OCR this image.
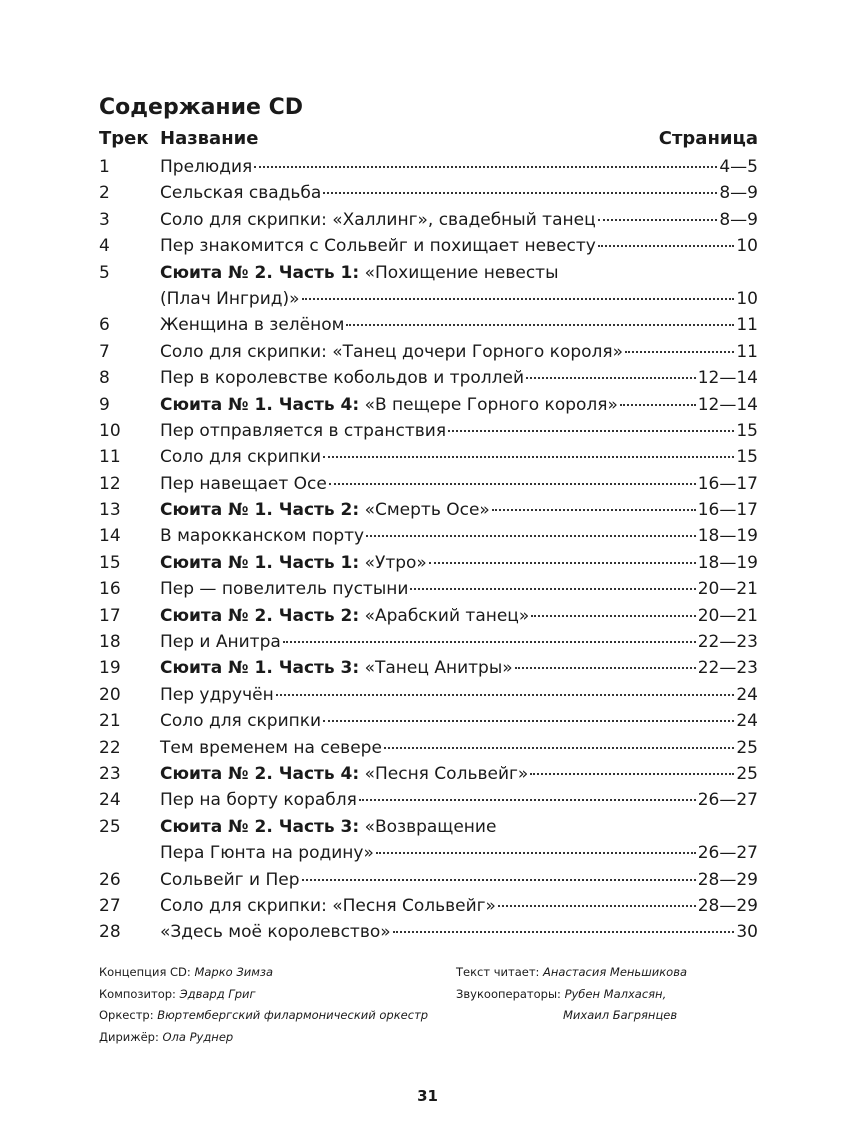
Содержание CD
Трек Название	Страница
1	Прелюдия	4—5
2	Сельская свадьба	8—9
3	Соло для скрипки: «Халлинг», свадебный танец	8—9
4	Пер знакомится с Сольвейг и похищает невесту	10
5	Сюита № 2. Часть 1: «Похищение невесты
(Плач Ингрид)»	10
6	Женщина в зелёном	11
7	Соло для скрипки: «Танец дочери Горного короля»	11
8	Пер в королевстве кобольдов и троллей	12—14
9	Сюита № 1. Часть 4: «В пещере Горного короля»	12—14
10 Пер отправляется в странствия	15
11 Соло для скрипки	15
12 Пер навещает Осе	16—17
13 Сюита № 1. Часть 2: «Смерть Осе»	16—17
14 В марокканском порту	18—19
15 Сюита № 1. Часть 1: «Утро»	18—19
16 Пер — повелитель пустыни	20—21
17 Сюита № 2. Часть 2: «Арабский танец»	20—21
18 Пер и Анитра	22—23
19 Сюита № 1. Часть 3: «Танец Анитры»	22—23
20 Пер удручён	24
21 Соло для скрипки	24
22 Тем временем на севере	25
23 Сюита № 2. Часть 4: «Песня Сольвейг»	25
24 Пер на борту корабля	26—27
25 Сюита № 2. Часть 3: «Возвращение
Пера Гюнта на родину»	26—27
26 Сольвейг и Пер	28—29
27 Соло для скрипки: «Песня Сольвейг»	28—29
28 «Здесь моё королевство»	30
Концепция CD: Марко Зимза
Композитор: Эдвард Григ
Оркестр: Вюртембергский филармонический оркестр
Дирижёр: Ола Руднер
Текст читает: Анастасия Меньшикова
Звукооператоры: Рубен Малхасян,
Михаил Багрянцев
31
